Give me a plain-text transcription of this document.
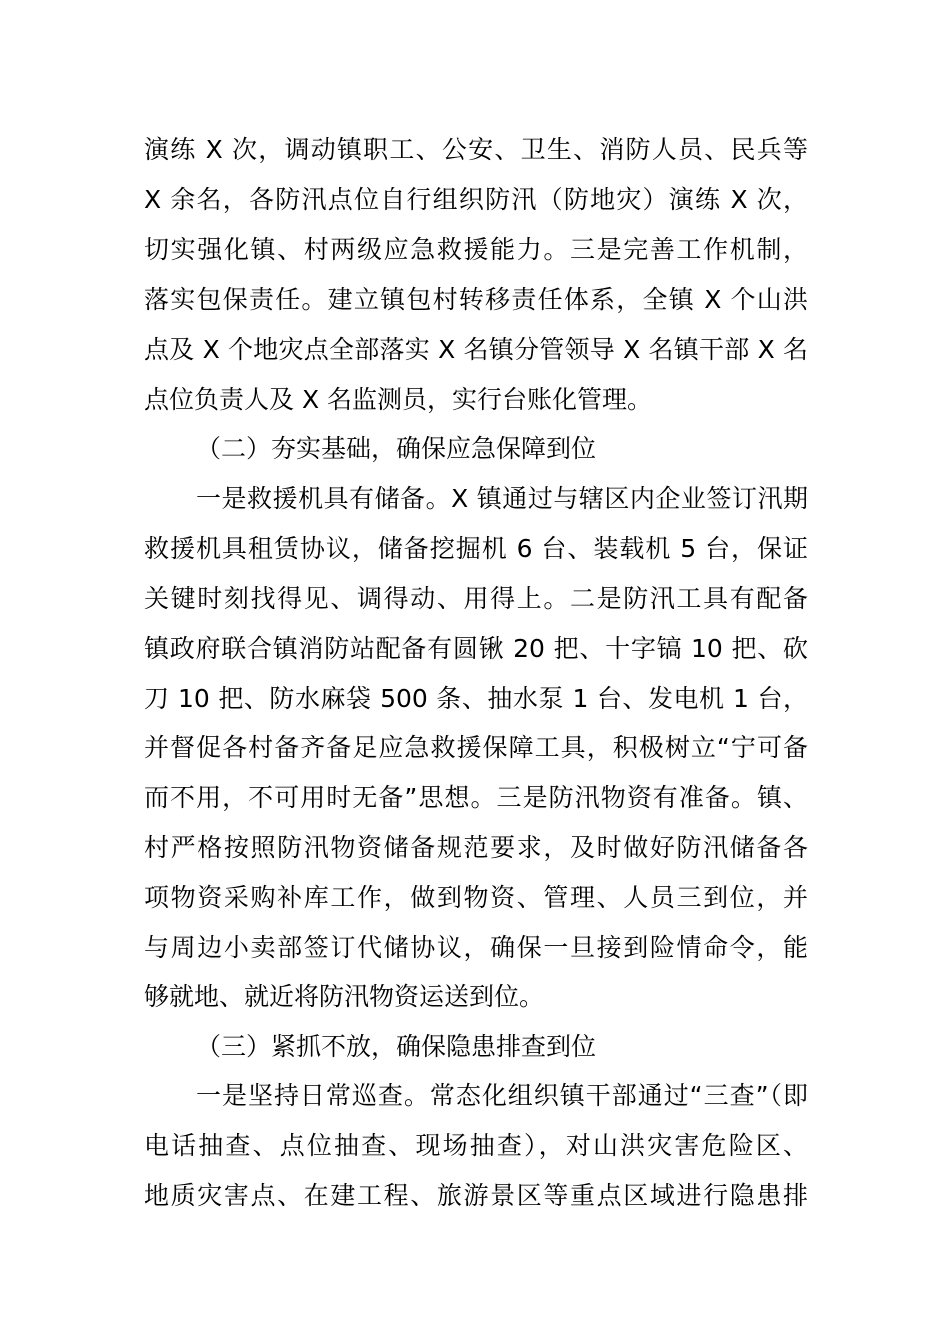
演练 X 次，调动镇职工、公安、卫生、消防人员、民兵等
X 余名，各防汛点位自行组织防汛（防地灾）演练 X 次，
切实强化镇、村两级应急救援能力。三是完善工作机制，
落实包保责任。建立镇包村转移责任体系，全镇 X 个山洪
点及 X 个地灾点全部落实 X 名镇分管领导 X 名镇干部 X 名
点位负责人及 X 名监测员，实行台账化管理。
（二）夯实基础，确保应急保障到位
一是救援机具有储备。X 镇通过与辖区内企业签订汛期
救援机具租赁协议，储备挖掘机 6 台、装载机 5 台，保证
关键时刻找得见、调得动、用得上。二是防汛工具有配备
镇政府联合镇消防站配备有圆锹 20 把、十字镐 10 把、砍
刀 10 把、防水麻袋 500 条、抽水泵 1 台、发电机 1 台，
并督促各村备齐备足应急救援保障工具，积极树立“宁可备
而不用，不可用时无备”思想。三是防汛物资有准备。镇、
村严格按照防汛物资储备规范要求，及时做好防汛储备各
项物资采购补库工作，做到物资、管理、人员三到位，并
与周边小卖部签订代储协议，确保一旦接到险情命令，能
够就地、就近将防汛物资运送到位。
（三）紧抓不放，确保隐患排查到位
一是坚持日常巡查。常态化组织镇干部通过“三查”（即
电话抽查、点位抽查、现场抽查），对山洪灾害危险区、
地质灾害点、在建工程、旅游景区等重点区域进行隐患排
